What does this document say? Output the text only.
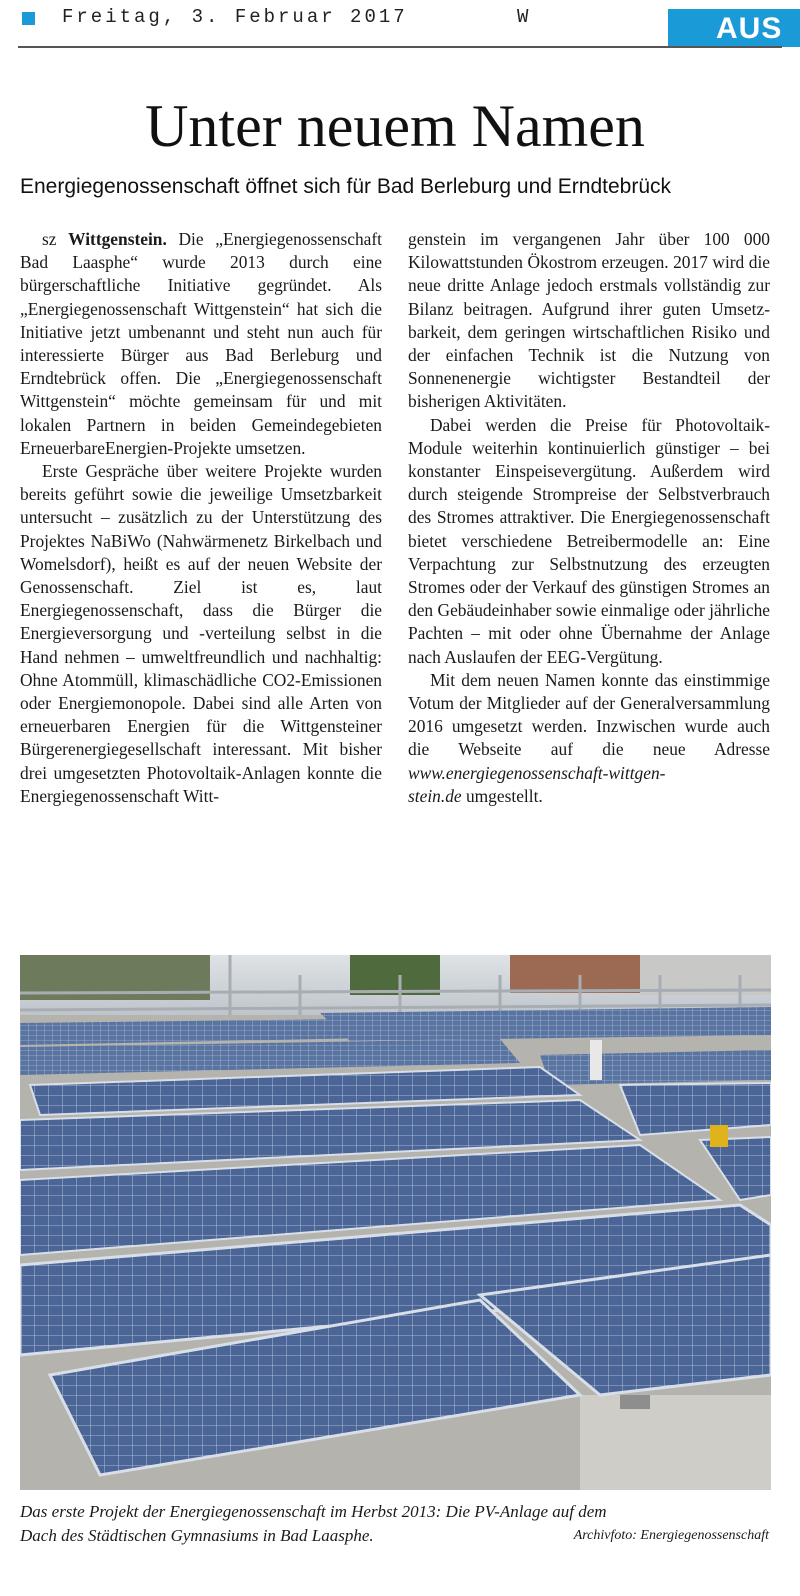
Freitag, 3. Februar 2017	W	AUS
Unter neuem Namen
Energiegenossenschaft öffnet sich für Bad Berleburg und Erndtebrück

sz Wittgenstein. Die „Energiegenossenschaft Bad Laasphe“ wurde 2013 durch eine bürgerschaftliche Initiative gegründet. Als „Energiegenossenschaft Wittgenstein“ hat sich die Initiative jetzt umbenannt und steht nun auch für interessierte Bürger aus Bad Berleburg und Erndtebrück offen. Die „Energiegenossenschaft Wittgenstein“ möchte gemeinsam für und mit lokalen Partnern in beiden Gemeindegebieten ErneuerbareEnergien-Projekte umsetzen.

Erste Gespräche über weitere Projekte wurden bereits geführt sowie die jeweilige Umsetzbarkeit untersucht – zusätzlich zu der Unterstützung des Projektes NaBiWo (Nahwärmenetz Birkelbach und Womelsdorf), heißt es auf der neuen Website der Genossenschaft. Ziel ist es, laut Energiegenossenschaft, dass die Bürger die Energieversorgung und -verteilung selbst in die Hand nehmen – umweltfreundlich und nachhaltig: Ohne Atommüll, klimaschädliche CO2-Emissionen oder Energiemonopole. Dabei sind alle Arten von erneuerbaren Energien für die Wittgensteiner Bürgerenergiegesellschaft interessant. Mit bisher drei umgesetzten Photovoltaik-Anlagen konnte die Energiegenossenschaft Witt-

genstein im vergangenen Jahr über 100 000 Kilowattstunden Ökostrom erzeugen. 2017 wird die neue dritte Anlage jedoch erstmals vollständig zur Bilanz beitragen. Aufgrund ihrer guten Umsetzbarkeit, dem geringen wirtschaftlichen Risiko und der einfachen Technik ist die Nutzung von Sonnenenergie wichtigster Bestandteil der bisherigen Aktivitäten.

Dabei werden die Preise für Photovoltaik-Module weiterhin kontinuierlich günstiger – bei konstanter Einspeisevergütung. Außerdem wird durch steigende Strompreise der Selbstverbrauch des Stromes attraktiver. Die Energiegenossenschaft bietet verschiedene Betreibermodelle an: Eine Verpachtung zur Selbstnutzung des erzeugten Stromes oder der Verkauf des günstigen Stromes an den Gebäudeinhaber sowie einmalige oder jährliche Pachten – mit oder ohne Übernahme der Anlage nach Auslaufen der EEG-Vergütung.

Mit dem neuen Namen konnte das einstimmige Votum der Mitglieder auf der Generalversammlung 2016 umgesetzt werden. Inzwischen wurde auch die Webseite auf die neue Adresse www.energiegenossenschaft-wittgen-
stein.de umgestellt.

Das erste Projekt der Energiegenossenschaft im Herbst 2013: Die PV-Anlage auf dem
Dach des Städtischen Gymnasiums in Bad Laasphe.	Archivfoto: Energiegenossenschaft
